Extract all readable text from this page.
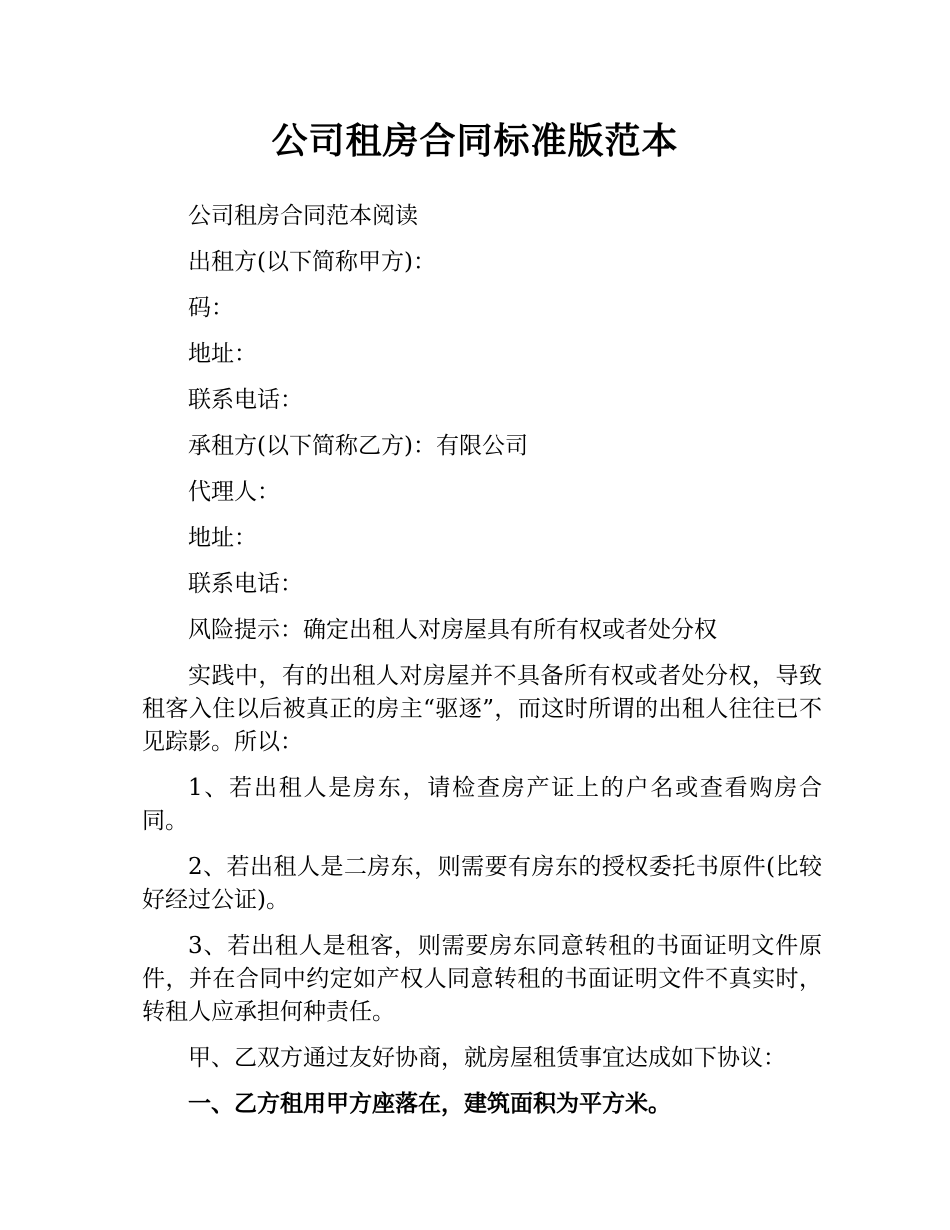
公司租房合同标准版范本

公司租房合同范本阅读

出租方(以下简称甲方)：

码：

地址：

联系电话：

承租方(以下简称乙方)：有限公司

代理人：

地址：

联系电话：

风险提示：确定出租人对房屋具有所有权或者处分权

实践中，有的出租人对房屋并不具备所有权或者处分权，导致租客入住以后被真正的房主“驱逐”，而这时所谓的出租人往往已不见踪影。所以：

1、若出租人是房东，请检查房产证上的户名或查看购房合同。

2、若出租人是二房东，则需要有房东的授权委托书原件(比较好经过公证)。

3、若出租人是租客，则需要房东同意转租的书面证明文件原件，并在合同中约定如产权人同意转租的书面证明文件不真实时，转租人应承担何种责任。

甲、乙双方通过友好协商，就房屋租赁事宜达成如下协议：

一、乙方租用甲方座落在，建筑面积为平方米。
